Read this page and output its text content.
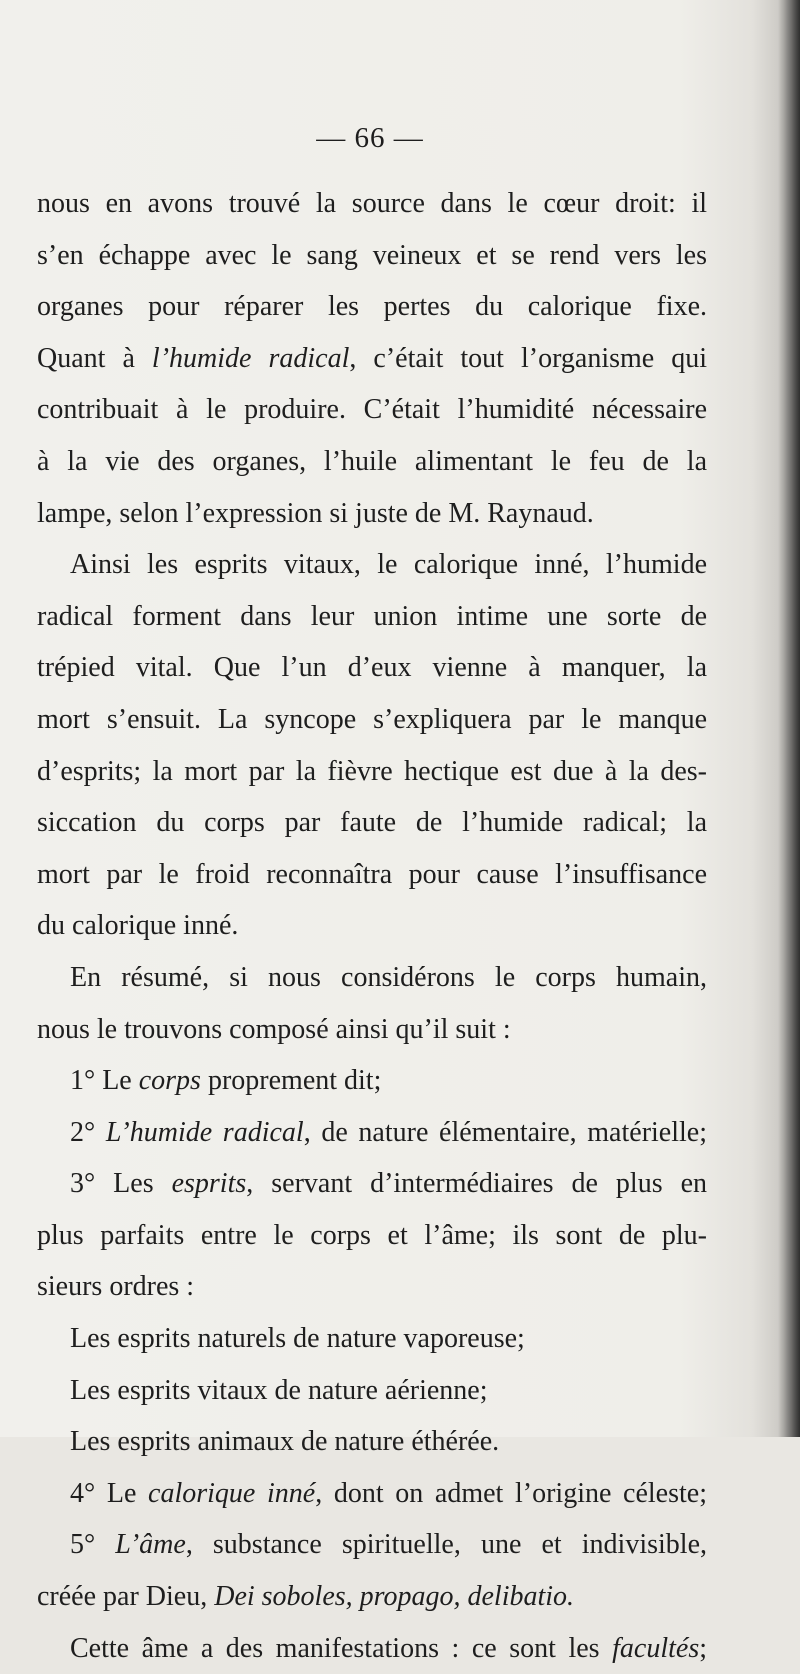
— 66 —
nous en avons trouvé la source dans le cœur droit: il
s’en échappe avec le sang veineux et se rend vers les
organes pour réparer les pertes du calorique fixe.
Quant à l’humide radical, c’était tout l’organisme qui
contribuait à le produire. C’était l’humidité nécessaire
à la vie des organes, l’huile alimentant le feu de la
lampe, selon l’expression si juste de M. Raynaud.
Ainsi les esprits vitaux, le calorique inné, l’humide
radical forment dans leur union intime une sorte de
trépied vital. Que l’un d’eux vienne à manquer, la
mort s’ensuit. La syncope s’expliquera par le manque
d’esprits; la mort par la fièvre hectique est due à la des-
siccation du corps par faute de l’humide radical; la
mort par le froid reconnaîtra pour cause l’insuffisance
du calorique inné.
En résumé, si nous considérons le corps humain,
nous le trouvons composé ainsi qu’il suit :
1° Le corps proprement dit;
2° L’humide radical, de nature élémentaire, matérielle;
3° Les esprits, servant d’intermédiaires de plus en
plus parfaits entre le corps et l’âme; ils sont de plu-
sieurs ordres :
Les esprits naturels de nature vaporeuse;
Les esprits vitaux de nature aérienne;
Les esprits animaux de nature éthérée.
4° Le calorique inné, dont on admet l’origine céleste;
5° L’âme, substance spirituelle, une et indivisible,
créée par Dieu, Dei soboles, propago, delibatio.
Cette âme a des manifestations : ce sont les facultés;
